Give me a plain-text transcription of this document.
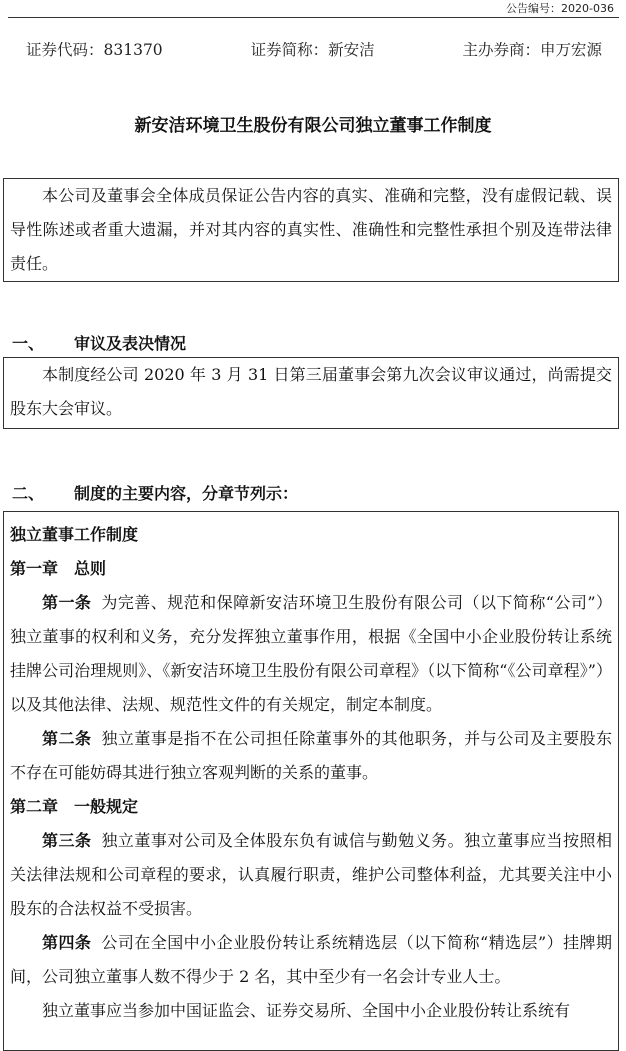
公告编号：2020-036
证券代码：831370	证券简称：新安洁	主办券商：申万宏源
新安洁环境卫生股份有限公司独立董事工作制度

本公司及董事会全体成员保证公告内容的真实、准确和完整，没有虚假记载、误导性陈述或者重大遗漏，并对其内容的真实性、准确性和完整性承担个别及连带法律责任。

一、 审议及表决情况

本制度经公司 2020 年 3 月 31 日第三届董事会第九次会议审议通过，尚需提交股东大会审议。

二、 制度的主要内容，分章节列示：

独立董事工作制度

第一章　总则

第一条 为完善、规范和保障新安洁环境卫生股份有限公司（以下简称“公司”）独立董事的权利和义务，充分发挥独立董事作用，根据《全国中小企业股份转让系统挂牌公司治理规则》、《新安洁环境卫生股份有限公司章程》（以下简称“《公司章程》”）以及其他法律、法规、规范性文件的有关规定，制定本制度。

第二条 独立董事是指不在公司担任除董事外的其他职务，并与公司及主要股东不存在可能妨碍其进行独立客观判断的关系的董事。

第二章　一般规定

第三条 独立董事对公司及全体股东负有诚信与勤勉义务。独立董事应当按照相关法律法规和公司章程的要求，认真履行职责，维护公司整体利益，尤其要关注中小股东的合法权益不受损害。

第四条 公司在全国中小企业股份转让系统精选层（以下简称“精选层”）挂牌期间，公司独立董事人数不得少于 2 名，其中至少有一名会计专业人士。

独立董事应当参加中国证监会、证券交易所、全国中小企业股份转让系统有
